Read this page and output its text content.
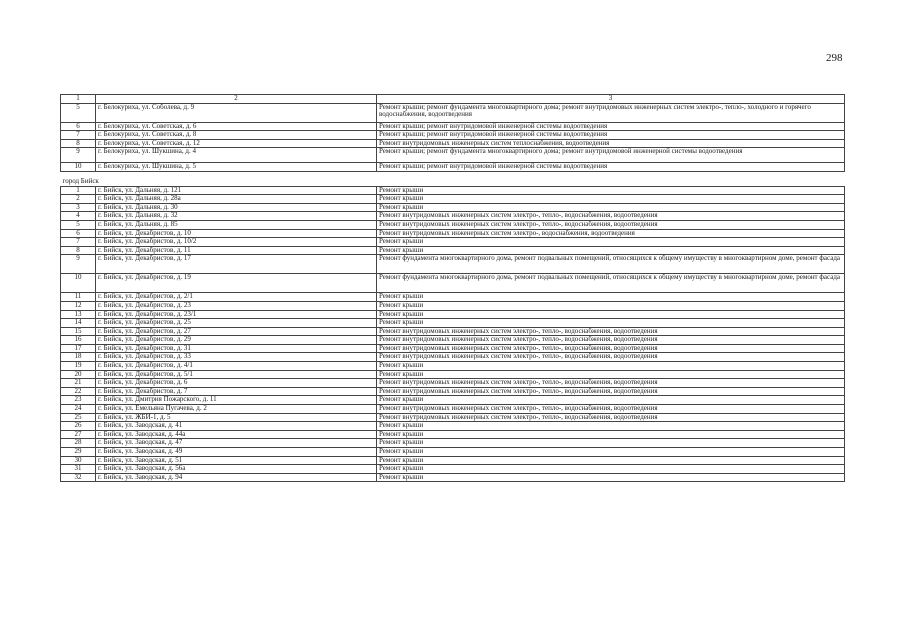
298
1	2	3
5	г. Белокуриха, ул. Соболева, д. 9	Ремонт крыши; ремонт фундамента многоквартирного дома; ремонт внутридомовых инженерных систем электро-, тепло-, холодного и горячего водоснабжения, водоотведения
6	г. Белокуриха, ул. Советская, д. 6	Ремонт крыши; ремонт внутридомовой инженерной системы водоотведения
7	г. Белокуриха, ул. Советская, д. 8	Ремонт крыши; ремонт внутридомовой инженерной системы водоотведения
8	г. Белокуриха, ул. Советская, д. 12	Ремонт внутридомовых инженерных систем теплоснабжения, водоотведения
9	г. Белокуриха, ул. Шукшина, д. 4	Ремонт крыши; ремонт фундамента многоквартирного дома; ремонт внутридомовой инженерной системы водоотведения
10	г. Белокуриха, ул. Шукшина, д. 5	Ремонт крыши; ремонт внутридомовой инженерной системы водоотведения
город Бийск		
1	г. Бийск, ул. Дальняя, д. 121	Ремонт крыши
2	г. Бийск, ул. Дальняя, д. 28а	Ремонт крыши
3	г. Бийск, ул. Дальняя, д. 30	Ремонт крыши
4	г. Бийск, ул. Дальняя, д. 32	Ремонт внутридомовых инженерных систем электро-, тепло-, водоснабжения, водоотведения
5	г. Бийск, ул. Дальняя, д. 85	Ремонт внутридомовых инженерных систем электро-, тепло-, водоснабжения, водоотведения
6	г. Бийск, ул. Декабристов, д. 10	Ремонт внутридомовых инженерных систем электро-, водоснабжения, водоотведения
7	г. Бийск, ул. Декабристов, д. 10/2	Ремонт крыши
8	г. Бийск, ул. Декабристов, д. 11	Ремонт крыши
9	г. Бийск, ул. Декабристов, д. 17	Ремонт фундамента многоквартирного дома, ремонт подвальных помещений, относящихся к общему имуществу в многоквартирном доме, ремонт фасада
10	г. Бийск, ул. Декабристов, д. 19	Ремонт фундамента многоквартирного дома, ремонт подвальных помещений, относящихся к общему имуществу в многоквартирном доме, ремонт фасада
11	г. Бийск, ул. Декабристов, д. 2/1	Ремонт крыши
12	г. Бийск, ул. Декабристов, д. 23	Ремонт крыши
13	г. Бийск, ул. Декабристов, д. 23/1	Ремонт крыши
14	г. Бийск, ул. Декабристов, д. 25	Ремонт крыши
15	г. Бийск, ул. Декабристов, д. 27	Ремонт внутридомовых инженерных систем электро-, тепло-, водоснабжения, водоотведения
16	г. Бийск, ул. Декабристов, д. 29	Ремонт внутридомовых инженерных систем электро-, тепло-, водоснабжения, водоотведения
17	г. Бийск, ул. Декабристов, д. 31	Ремонт внутридомовых инженерных систем электро-, тепло-, водоснабжения, водоотведения
18	г. Бийск, ул. Декабристов, д. 33	Ремонт внутридомовых инженерных систем электро-, тепло-, водоснабжения, водоотведения
19	г. Бийск, ул. Декабристов, д. 4/1	Ремонт крыши
20	г. Бийск, ул. Декабристов, д. 5/1	Ремонт крыши
21	г. Бийск, ул. Декабристов, д. 6	Ремонт внутридомовых инженерных систем электро-, тепло-, водоснабжения, водоотведения
22	г. Бийск, ул. Декабристов, д. 7	Ремонт внутридомовых инженерных систем электро-, тепло-, водоснабжения, водоотведения
23	г. Бийск, ул. Дмитрия Пожарского, д. 11	Ремонт крыши
24	г. Бийск, ул. Емельяна Пугачева, д. 2	Ремонт внутридомовых инженерных систем электро-, тепло-, водоснабжения, водоотведения
25	г. Бийск, ул. ЖБИ-1, д. 5	Ремонт внутридомовых инженерных систем электро-, тепло-, водоснабжения, водоотведения
26	г. Бийск, ул. Заводская, д. 41	Ремонт крыши
27	г. Бийск, ул. Заводская, д. 44а	Ремонт крыши
28	г. Бийск, ул. Заводская, д. 47	Ремонт крыши
29	г. Бийск, ул. Заводская, д. 49	Ремонт крыши
30	г. Бийск, ул. Заводская, д. 51	Ремонт крыши
31	г. Бийск, ул. Заводская, д. 56а	Ремонт крыши
32	г. Бийск, ул. Заводская, д. 94	Ремонт крыши
